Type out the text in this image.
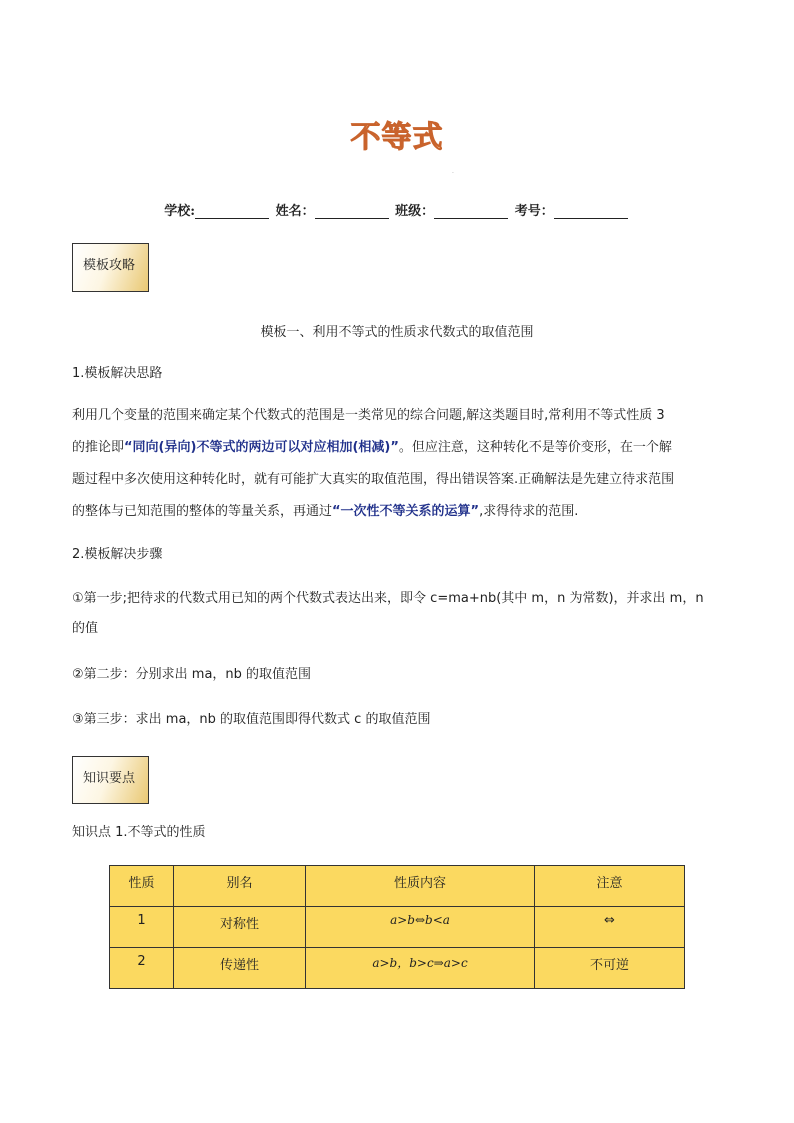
不等式
.
学校:	姓名：	班级：	考号：
模板攻略
模板一、利用不等式的性质求代数式的取值范围
1.模板解决思路
利用几个变量的范围来确定某个代数式的范围是一类常见的综合问题,解这类题目时,常利用不等式性质 3
的推论即“同向(异向)不等式的两边可以对应相加(相减)”。但应注意，这种转化不是等价变形，在一个解
题过程中多次使用这种转化时，就有可能扩大真实的取值范围，得出错误答案.正确解法是先建立待求范围
的整体与已知范围的整体的等量关系，再通过“一次性不等关系的运算”,求得待求的范围.
2.模板解决步骤
①第一步;把待求的代数式用已知的两个代数式表达出来，即令 c=ma+nb(其中 m，n 为常数)，并求出 m，n
的值
②第二步：分别求出 ma，nb 的取值范围
③第三步：求出 ma，nb 的取值范围即得代数式 c 的取值范围
知识要点
知识点 1.不等式的性质
性质	别名	性质内容	注意
1	对称性	a>b⇔b<a	⇔
2	传递性	a>b，b>c⇒a>c	不可逆
